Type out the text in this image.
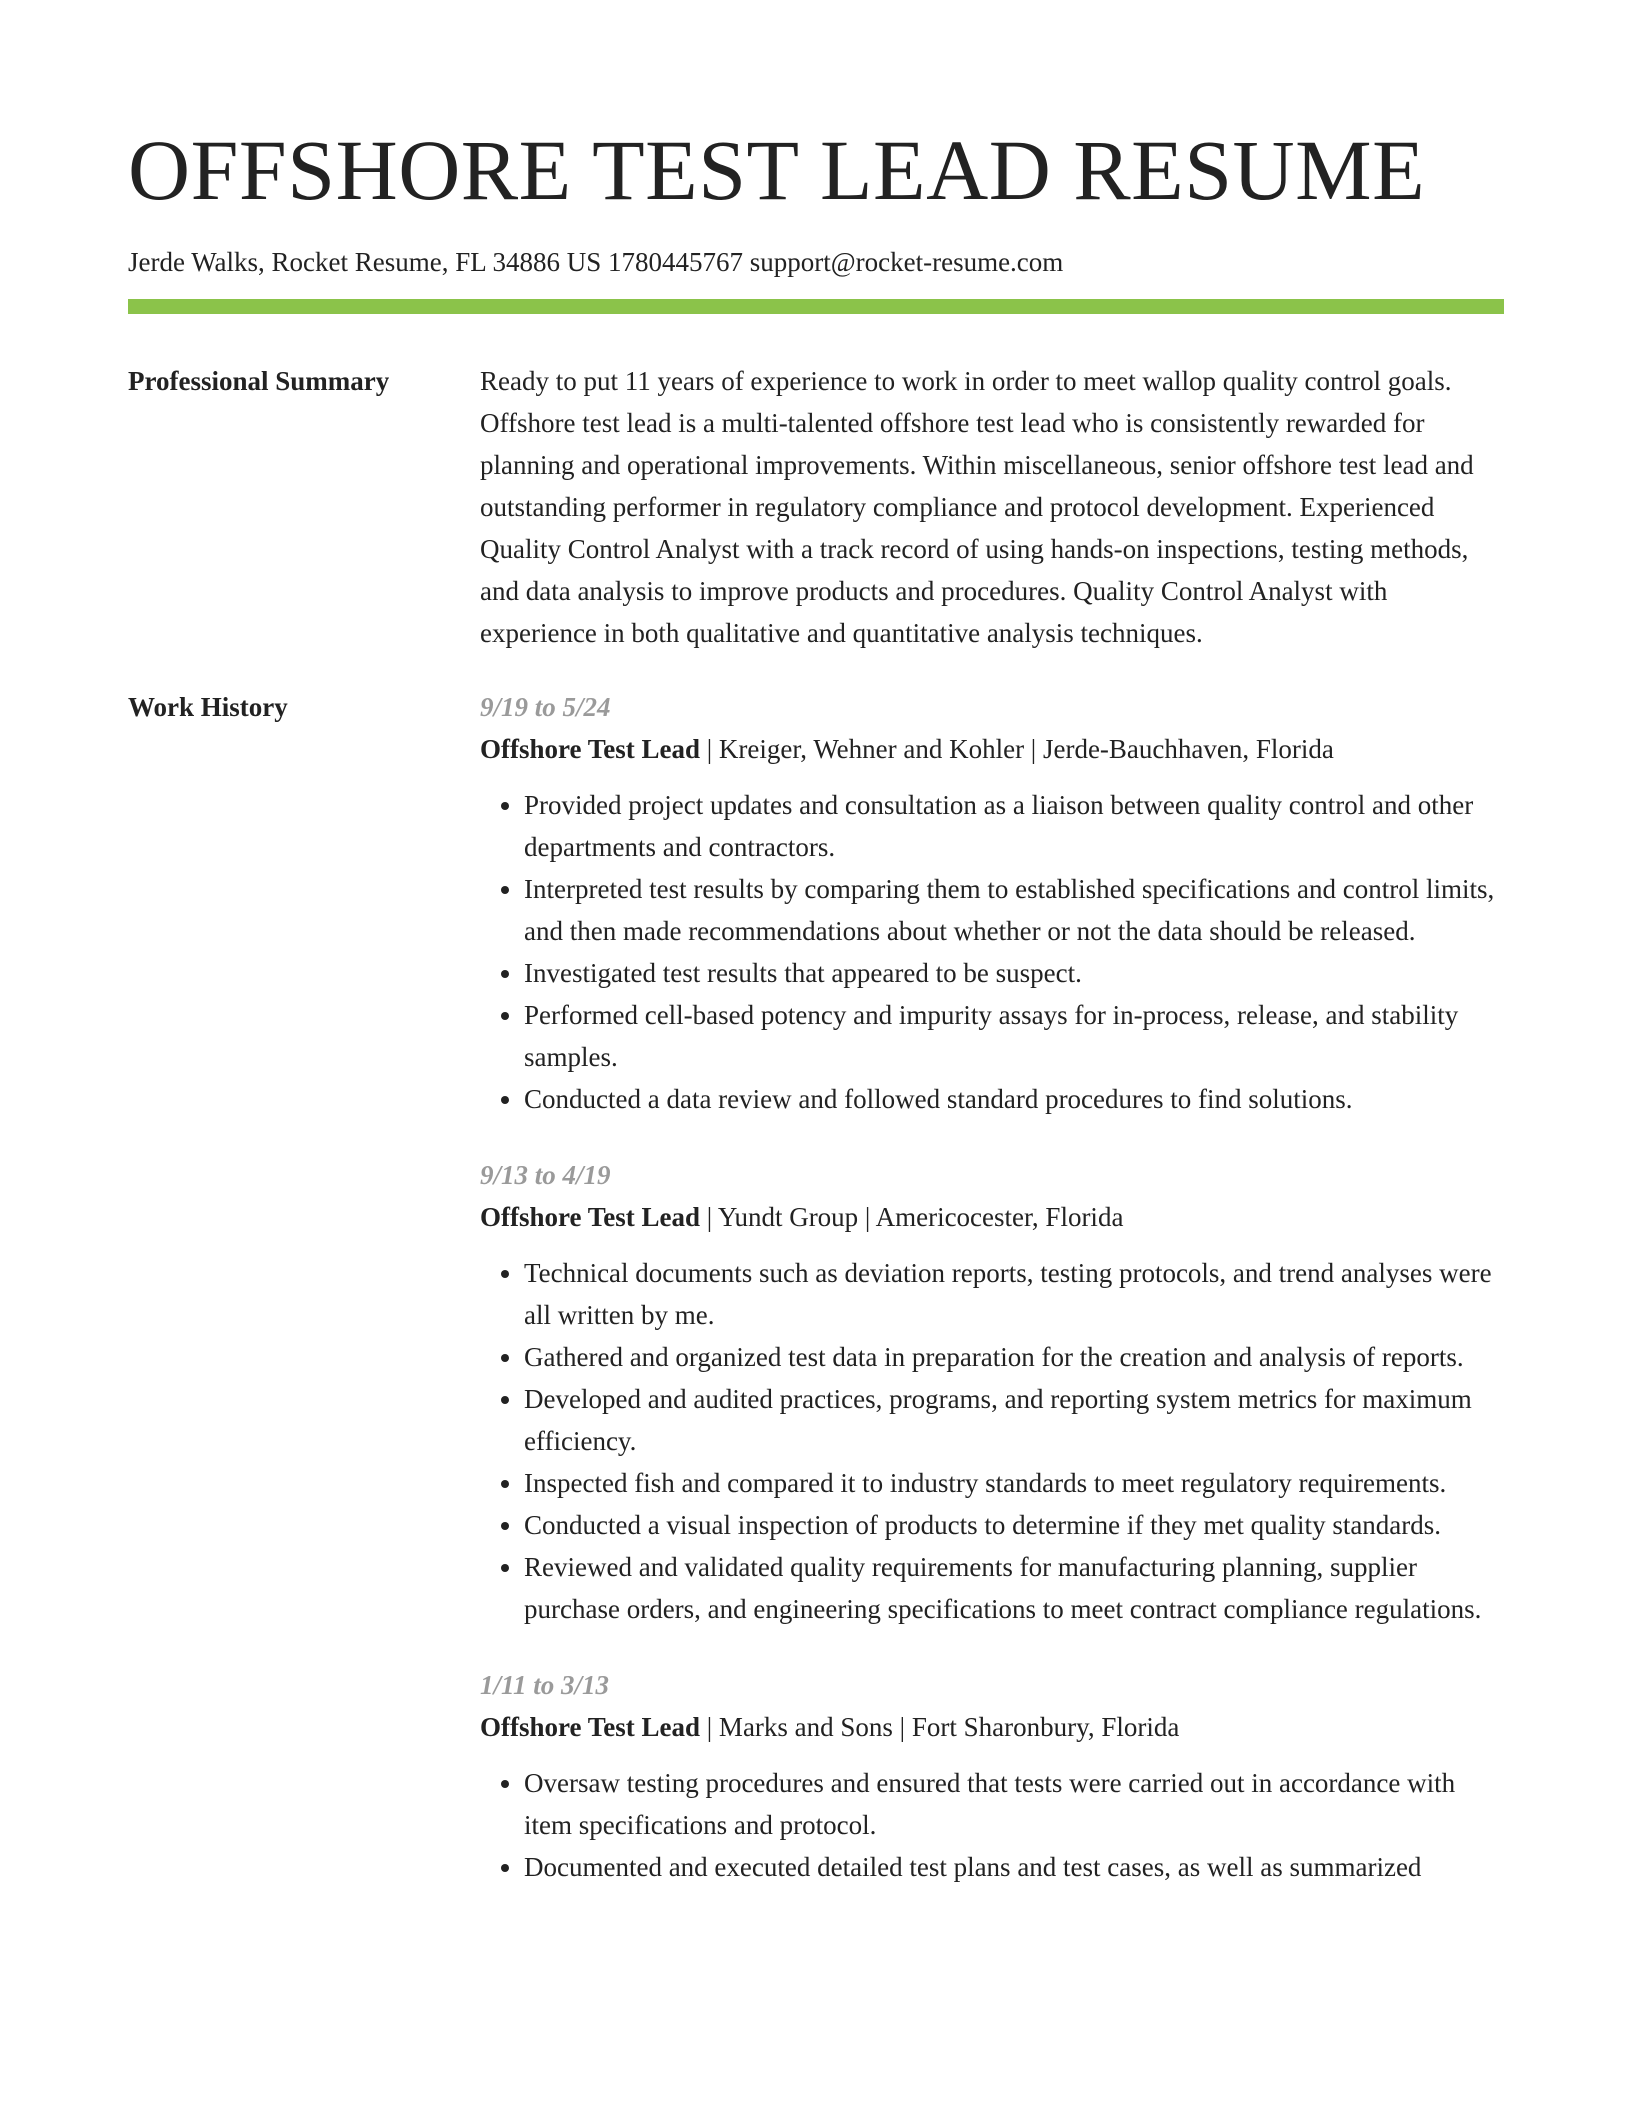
OFFSHORE TEST LEAD RESUME
Jerde Walks, Rocket Resume, FL 34886 US 1780445767 support@rocket-resume.com
Professional Summary	Ready to put 11 years of experience to work in order to meet wallop quality control goals. Offshore test lead is a multi-talented offshore test lead who is consistently rewarded for planning and operational improvements. Within miscellaneous, senior offshore test lead and outstanding performer in regulatory compliance and protocol development. Experienced Quality Control Analyst with a track record of using hands-on inspections, testing methods, and data analysis to improve products and procedures. Quality Control Analyst with experience in both qualitative and quantitative analysis techniques.

Work History	9/19 to 5/24
Offshore Test Lead | Kreiger, Wehner and Kohler | Jerde-Bauchhaven, Florida
• Provided project updates and consultation as a liaison between quality control and other departments and contractors.
• Interpreted test results by comparing them to established specifications and control limits, and then made recommendations about whether or not the data should be released.
• Investigated test results that appeared to be suspect.
• Performed cell-based potency and impurity assays for in-process, release, and stability samples.
• Conducted a data review and followed standard procedures to find solutions.
9/13 to 4/19
Offshore Test Lead | Yundt Group | Americocester, Florida
• Technical documents such as deviation reports, testing protocols, and trend analyses were all written by me.
• Gathered and organized test data in preparation for the creation and analysis of reports.
• Developed and audited practices, programs, and reporting system metrics for maximum efficiency.
• Inspected fish and compared it to industry standards to meet regulatory requirements.
• Conducted a visual inspection of products to determine if they met quality standards.
• Reviewed and validated quality requirements for manufacturing planning, supplier purchase orders, and engineering specifications to meet contract compliance regulations.
1/11 to 3/13
Offshore Test Lead | Marks and Sons | Fort Sharonbury, Florida
• Oversaw testing procedures and ensured that tests were carried out in accordance with item specifications and protocol.
• Documented and executed detailed test plans and test cases, as well as summarized
